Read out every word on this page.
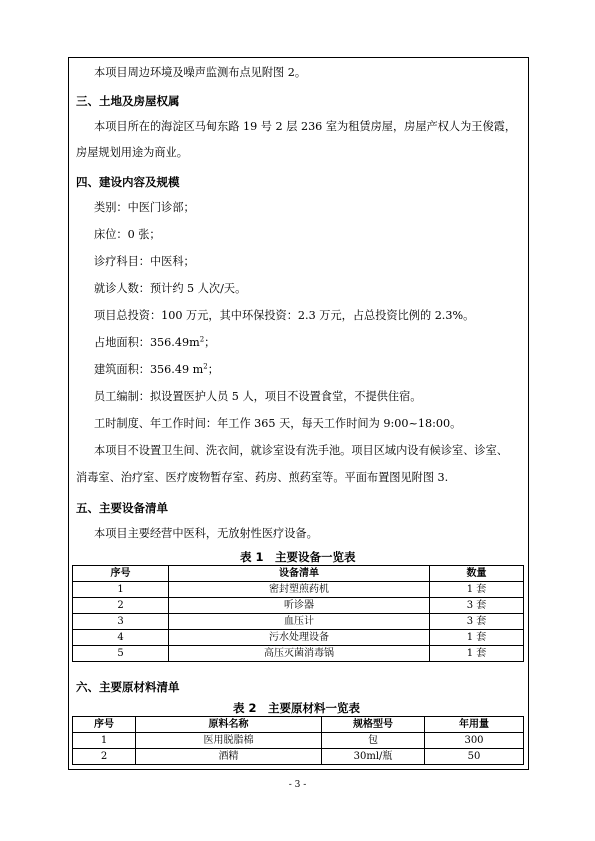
本项目周边环境及噪声监测布点见附图 2。
三、土地及房屋权属
本项目所在的海淀区马甸东路 19 号 2 层 236 室为租赁房屋，房屋产权人为王俊霞，
房屋规划用途为商业。
四、建设内容及规模
类别：中医门诊部；
床位：0 张；
诊疗科目：中医科；
就诊人数：预计约 5 人次/天。
项目总投资：100 万元，其中环保投资：2.3 万元，占总投资比例的 2.3%。
占地面积：$356.49m^2$；
建筑面积：356.49 $m^2$；
员工编制：拟设置医护人员 5 人，项目不设置食堂，不提供住宿。
工时制度、年工作时间：年工作 365 天，每天工作时间为 9:00~18:00。
本项目不设置卫生间、洗衣间，就诊室设有洗手池。项目区域内设有候诊室、诊室、
消毒室、治疗室、医疗废物暂存室、药房、煎药室等。平面布置图见附图 3.
五、主要设备清单
本项目主要经营中医科，无放射性医疗设备。
表 1　主要设备一览表
序号	设备清单	数量
1	密封塑煎药机	1 套
2	听诊器	3 套
3	血压计	3 套
4	污水处理设备	1 套
5	高压灭菌消毒锅	1 套
六、主要原材料清单
表 2　主要原材料一览表
序号	原料名称	规格型号	年用量
1	医用脱脂棉	包	300
2	酒精	30ml/瓶	50
- 3 -
